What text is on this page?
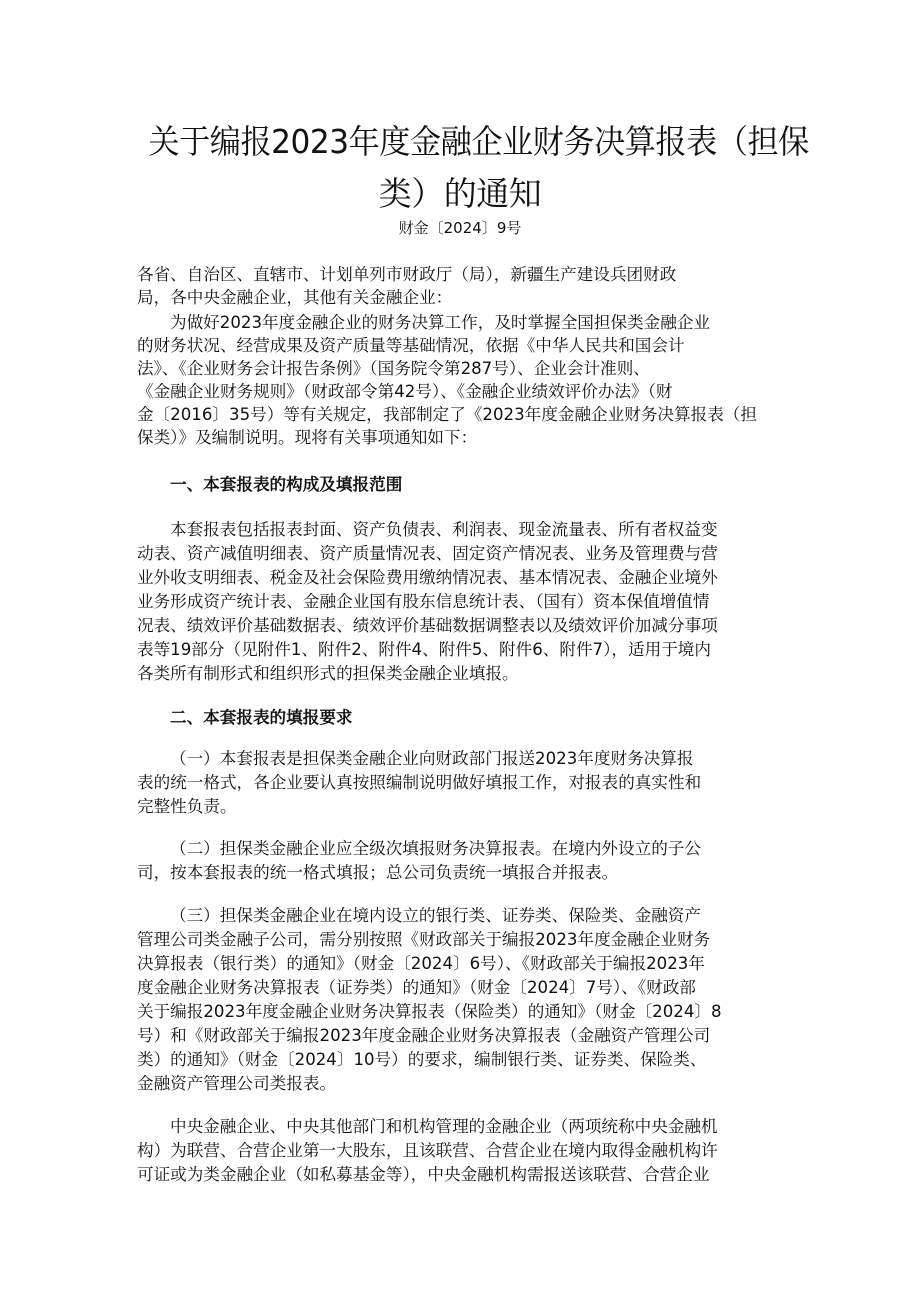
关于编报2023年度金融企业财务决算报表（担保
类）的通知
财金〔2024〕9号
各省、自治区、直辖市、计划单列市财政厅（局），新疆生产建设兵团财政
局，各中央金融企业，其他有关金融企业：
为做好2023年度金融企业的财务决算工作，及时掌握全国担保类金融企业
的财务状况、经营成果及资产质量等基础情况，依据《中华人民共和国会计
法》、《企业财务会计报告条例》（国务院令第287号）、企业会计准则、
《金融企业财务规则》（财政部令第42号）、《金融企业绩效评价办法》（财
金〔2016〕35号）等有关规定，我部制定了《2023年度金融企业财务决算报表（担
保类）》及编制说明。现将有关事项通知如下：
一、本套报表的构成及填报范围
本套报表包括报表封面、资产负债表、利润表、现金流量表、所有者权益变
动表、资产减值明细表、资产质量情况表、固定资产情况表、业务及管理费与营
业外收支明细表、税金及社会保险费用缴纳情况表、基本情况表、金融企业境外
业务形成资产统计表、金融企业国有股东信息统计表、（国有）资本保值增值情
况表、绩效评价基础数据表、绩效评价基础数据调整表以及绩效评价加减分事项
表等19部分（见附件1、附件2、附件4、附件5、附件6、附件7），适用于境内
各类所有制形式和组织形式的担保类金融企业填报。
二、本套报表的填报要求
（一）本套报表是担保类金融企业向财政部门报送2023年度财务决算报
表的统一格式，各企业要认真按照编制说明做好填报工作，对报表的真实性和
完整性负责。
（二）担保类金融企业应全级次填报财务决算报表。在境内外设立的子公
司，按本套报表的统一格式填报；总公司负责统一填报合并报表。
（三）担保类金融企业在境内设立的银行类、证券类、保险类、金融资产
管理公司类金融子公司，需分别按照《财政部关于编报2023年度金融企业财务
决算报表（银行类）的通知》（财金〔2024〕6号）、《财政部关于编报2023年
度金融企业财务决算报表（证券类）的通知》（财金〔2024〕7号）、《财政部
关于编报2023年度金融企业财务决算报表（保险类）的通知》（财金〔2024〕8
号）和《财政部关于编报2023年度金融企业财务决算报表（金融资产管理公司
类）的通知》（财金〔2024〕10号）的要求，编制银行类、证券类、保险类、
金融资产管理公司类报表。
中央金融企业、中央其他部门和机构管理的金融企业（两项统称中央金融机
构）为联营、合营企业第一大股东，且该联营、合营企业在境内取得金融机构许
可证或为类金融企业（如私募基金等），中央金融机构需报送该联营、合营企业
